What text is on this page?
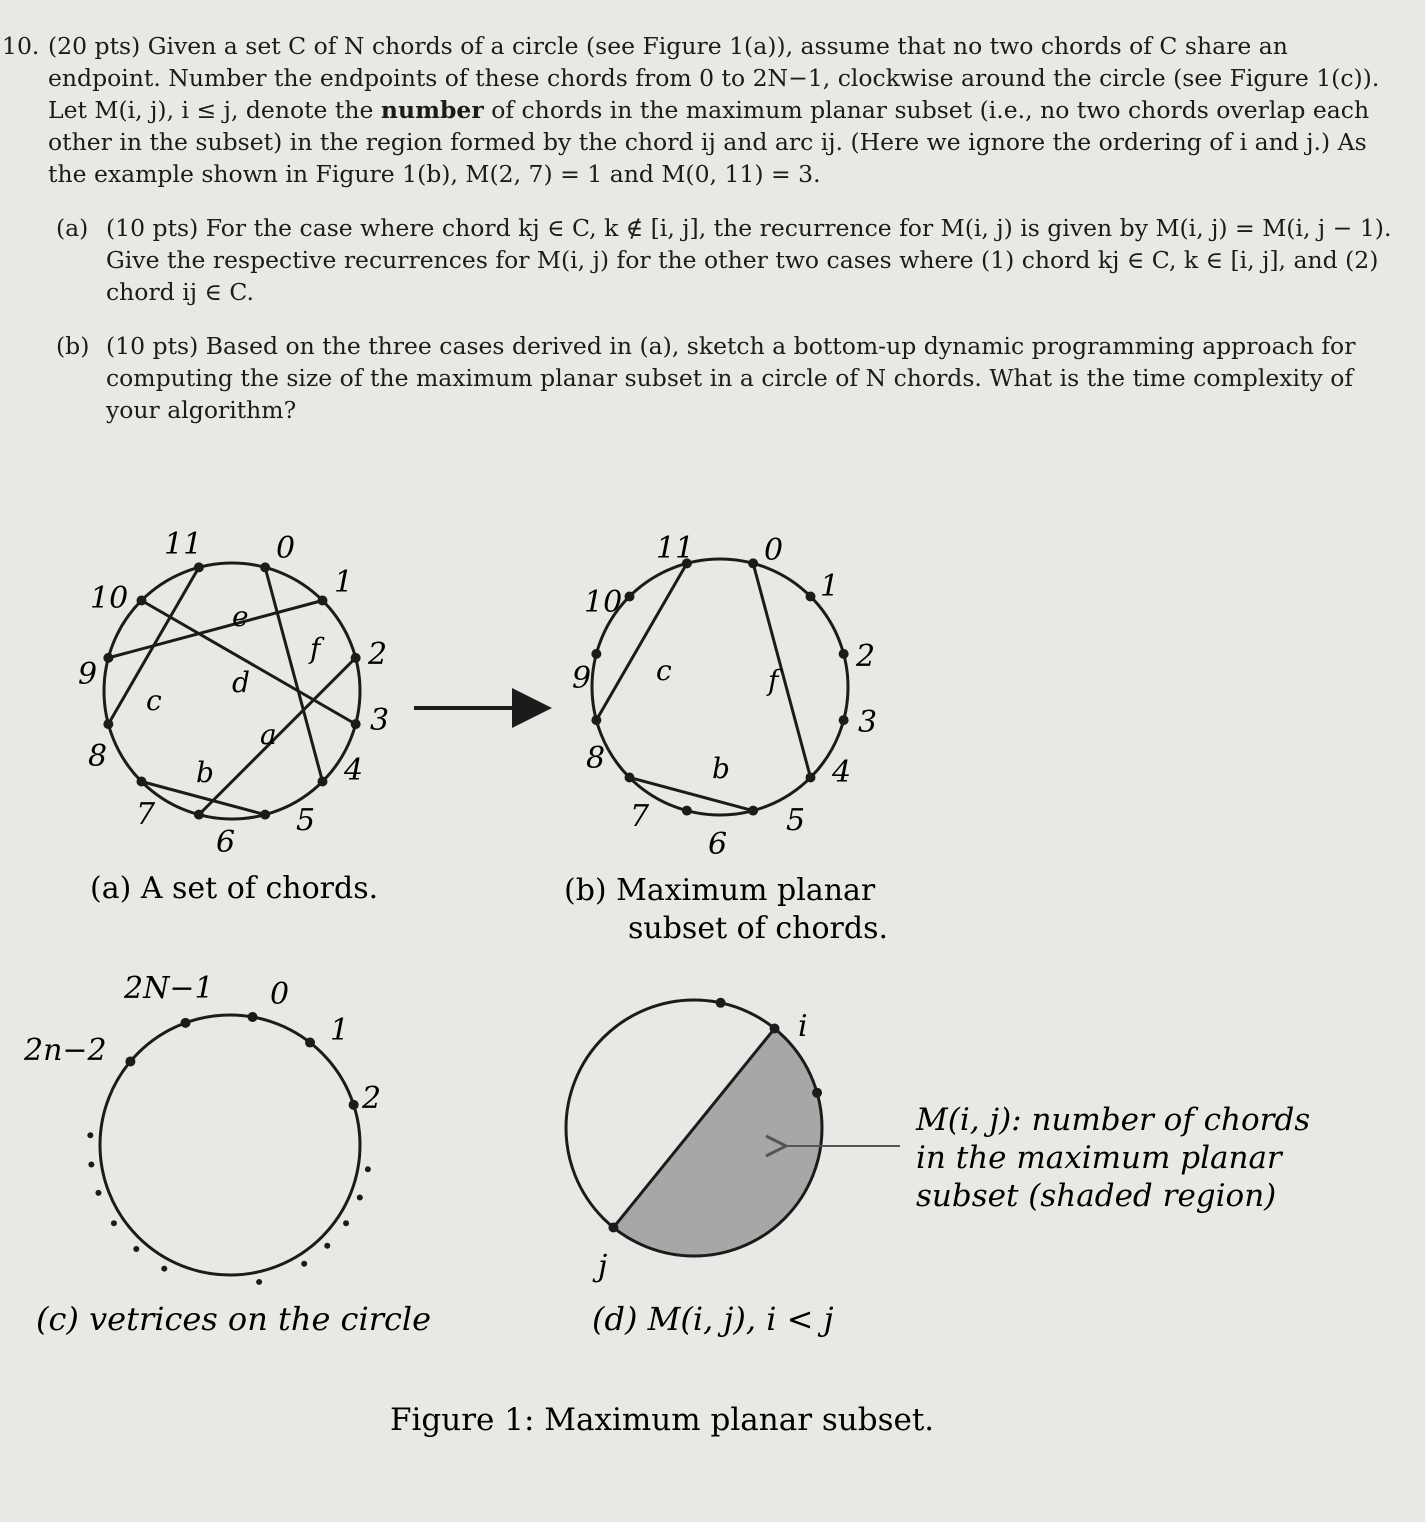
10. (20 pts) Given a set C of N chords of a circle (see Figure 1(a)), assume that no two chords of C share an endpoint. Number the endpoints of these chords from 0 to 2N−1, clockwise around the circle (see Figure 1(c)). Let M(i, j), i ≤ j, denote the number of chords in the maximum planar subset (i.e., no two chords overlap each other in the subset) in the region formed by the chord ij and arc ij. (Here we ignore the ordering of i and j.) As the example shown in Figure 1(b), M(2, 7) = 1 and M(0, 11) = 3.
(a) (10 pts) For the case where chord kj ∈ C, k ∉ [i, j], the recurrence for M(i, j) is given by M(i, j) = M(i, j − 1). Give the respective recurrences for M(i, j) for the other two cases where (1) chord kj ∈ C, k ∈ [i, j], and (2) chord ij ∈ C.
(b) (10 pts) Based on the three cases derived in (a), sketch a bottom-up dynamic programming approach for computing the size of the maximum planar subset in a circle of N chords. What is the time complexity of your algorithm?
0
1
2
3
4
5
6
7
8
9
10
11
a
b
c
d
e
f
(a) A set of chords.
0
1
2
3
4
5
6
7
8
9
10
11
b
c	f
(b) Maximum planar
subset of chords.
2N−1 0
1
2
2n−2
(c) vetrices on the circle
i
j
M(i, j): number of chords
in the maximum planar
subset (shaded region)
(d) M(i, j), i < j
Figure 1: Maximum planar subset.
